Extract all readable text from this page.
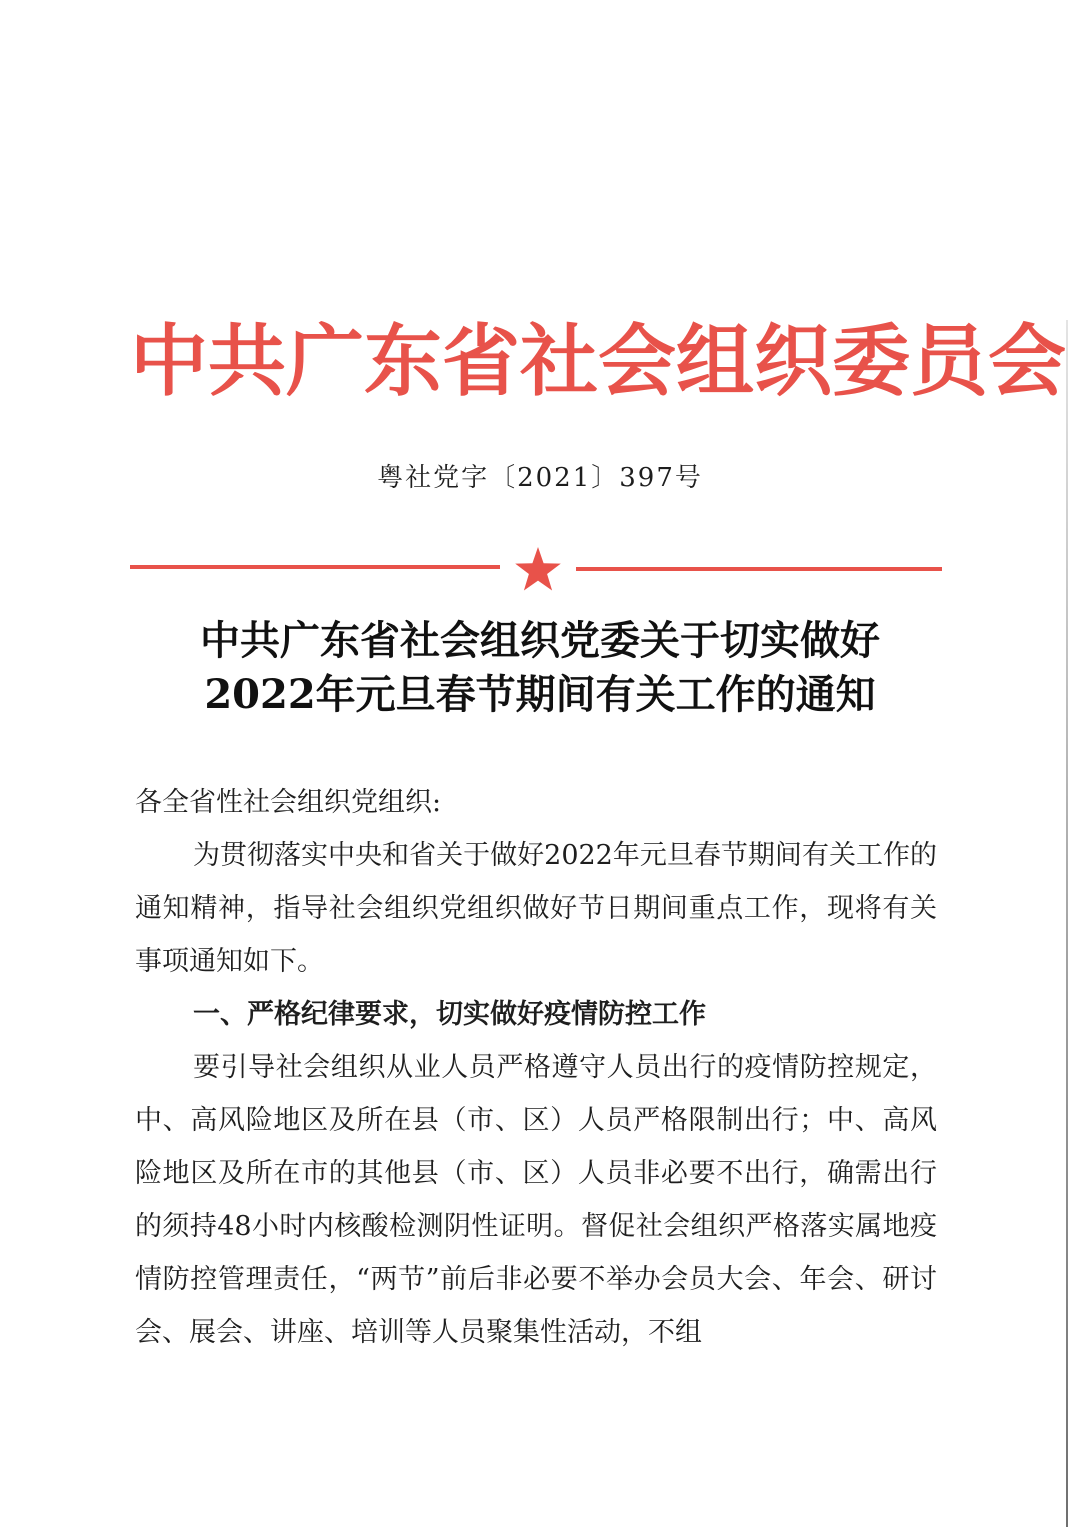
中共广东省社会组织委员会
粤社党字〔2021〕397号
中共广东省社会组织党委关于切实做好
2022年元旦春节期间有关工作的通知

各全省性社会组织党组织:

为贯彻落实中央和省关于做好2022年元旦春节期间有关工作的通知精神，指导社会组织党组织做好节日期间重点工作，现将有关事项通知如下。

一、严格纪律要求，切实做好疫情防控工作

要引导社会组织从业人员严格遵守人员出行的疫情防控规定，中、高风险地区及所在县（市、区）人员严格限制出行；中、高风险地区及所在市的其他县（市、区）人员非必要不出行，确需出行的须持48小时内核酸检测阴性证明。督促社会组织严格落实属地疫情防控管理责任，“两节”前后非必要不举办会员大会、年会、研讨会、展会、讲座、培训等人员聚集性活动，不组
